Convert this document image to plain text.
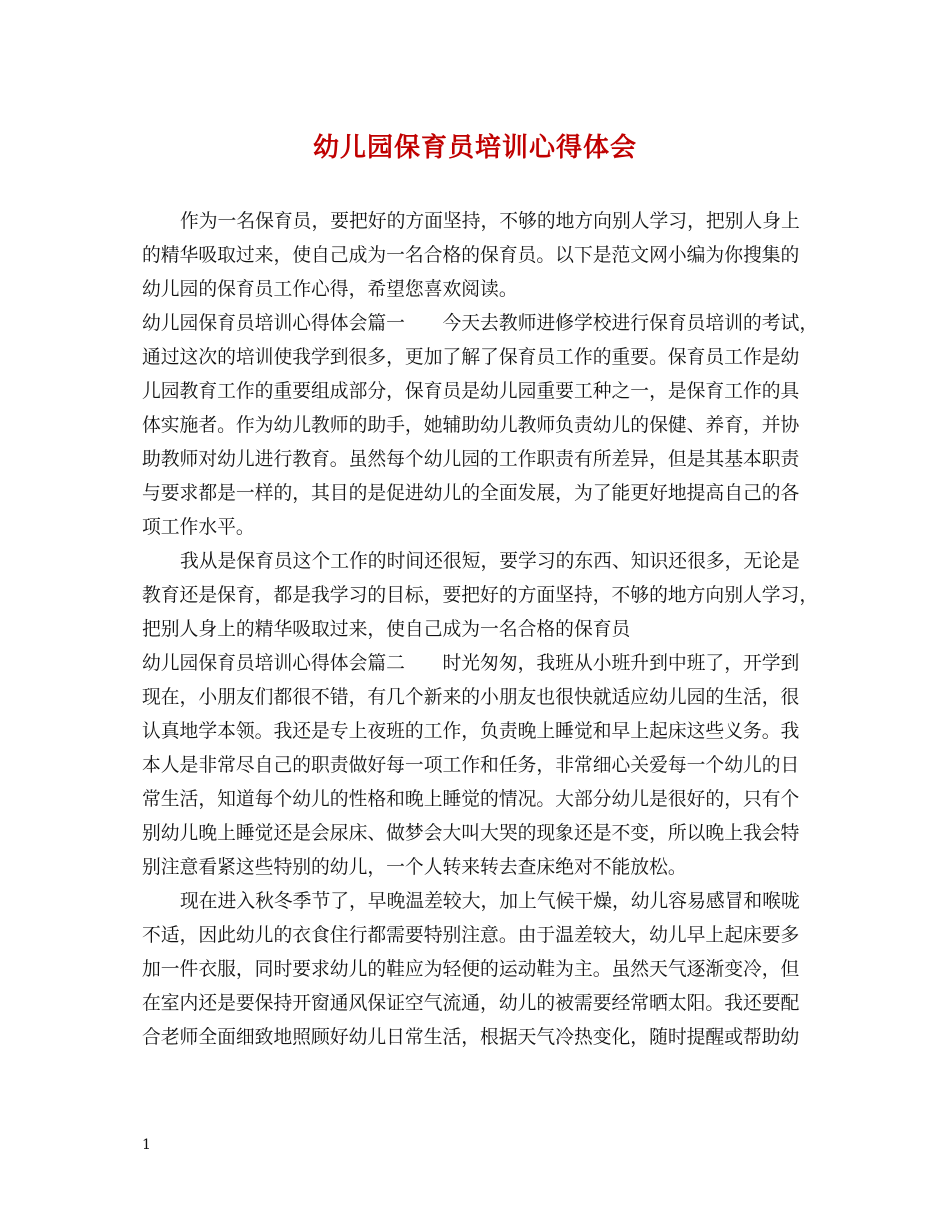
幼儿园保育员培训心得体会
作为一名保育员，要把好的方面坚持，不够的地方向别人学习，把别人身上
的精华吸取过来，使自己成为一名合格的保育员。以下是范文网小编为你搜集的
幼儿园的保育员工作心得，希望您喜欢阅读。
幼儿园保育员培训心得体会篇一　　今天去教师进修学校进行保育员培训的考试，
通过这次的培训使我学到很多，更加了解了保育员工作的重要。保育员工作是幼
儿园教育工作的重要组成部分，保育员是幼儿园重要工种之一，是保育工作的具
体实施者。作为幼儿教师的助手，她辅助幼儿教师负责幼儿的保健、养育，并协
助教师对幼儿进行教育。虽然每个幼儿园的工作职责有所差异，但是其基本职责
与要求都是一样的，其目的是促进幼儿的全面发展，为了能更好地提高自己的各
项工作水平。
我从是保育员这个工作的时间还很短，要学习的东西、知识还很多，无论是
教育还是保育，都是我学习的目标，要把好的方面坚持，不够的地方向别人学习，
把别人身上的精华吸取过来，使自己成为一名合格的保育员
幼儿园保育员培训心得体会篇二　　时光匆匆，我班从小班升到中班了，开学到
现在，小朋友们都很不错，有几个新来的小朋友也很快就适应幼儿园的生活，很
认真地学本领。我还是专上夜班的工作，负责晚上睡觉和早上起床这些义务。我
本人是非常尽自己的职责做好每一项工作和任务，非常细心关爱每一个幼儿的日
常生活，知道每个幼儿的性格和晚上睡觉的情况。大部分幼儿是很好的，只有个
别幼儿晚上睡觉还是会尿床、做梦会大叫大哭的现象还是不变，所以晚上我会特
别注意看紧这些特别的幼儿，一个人转来转去查床绝对不能放松。
现在进入秋冬季节了，早晚温差较大，加上气候干燥，幼儿容易感冒和喉咙
不适，因此幼儿的衣食住行都需要特别注意。由于温差较大，幼儿早上起床要多
加一件衣服，同时要求幼儿的鞋应为轻便的运动鞋为主。虽然天气逐渐变冷，但
在室内还是要保持开窗通风保证空气流通，幼儿的被需要经常晒太阳。我还要配
合老师全面细致地照顾好幼儿日常生活，根据天气冷热变化，随时提醒或帮助幼
1
